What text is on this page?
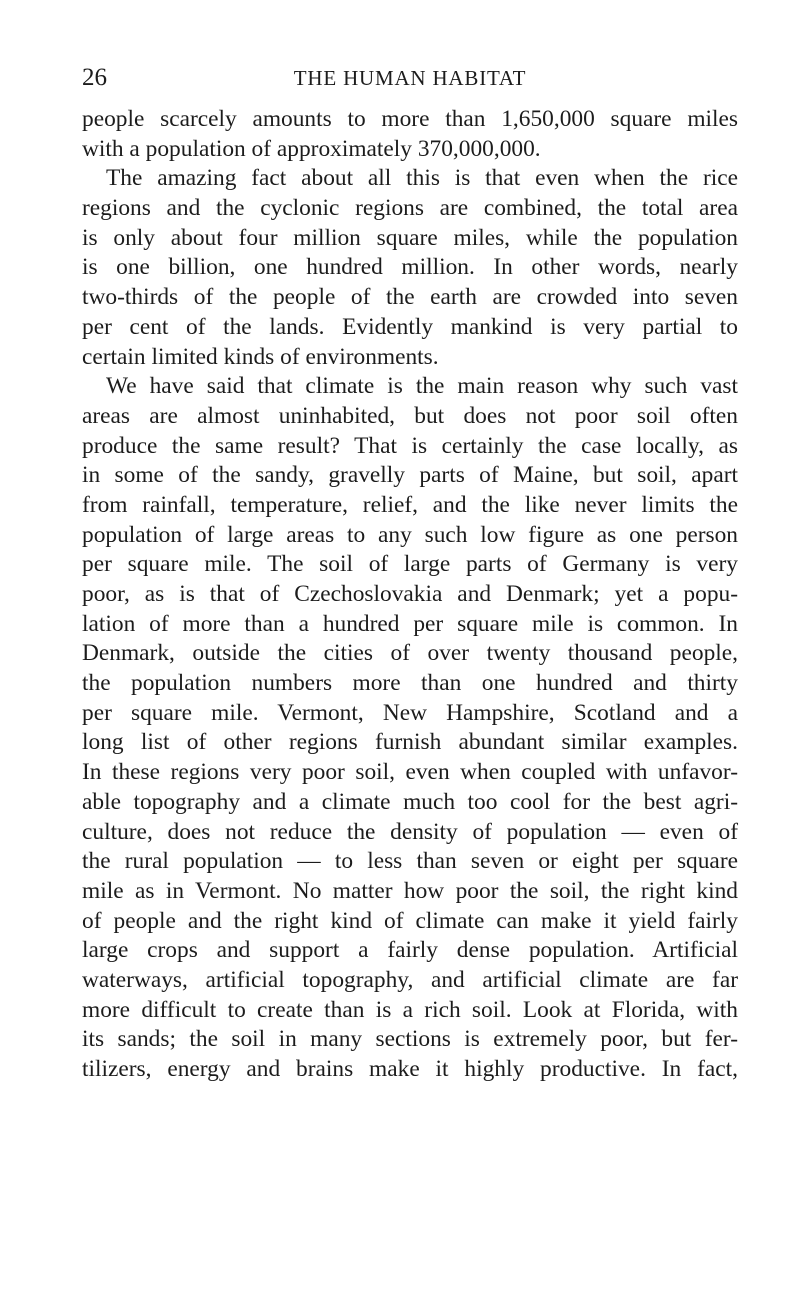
26	THE HUMAN HABITAT
people scarcely amounts to more than 1,650,000 square miles
with a population of approximately 370,000,000.
The amazing fact about all this is that even when the rice
regions and the cyclonic regions are combined, the total area
is only about four million square miles, while the population
is one billion, one hundred million. In other words, nearly
two-thirds of the people of the earth are crowded into seven
per cent of the lands. Evidently mankind is very partial to
certain limited kinds of environments.
We have said that climate is the main reason why such vast
areas are almost uninhabited, but does not poor soil often
produce the same result? That is certainly the case locally, as
in some of the sandy, gravelly parts of Maine, but soil, apart
from rainfall, temperature, relief, and the like never limits the
population of large areas to any such low figure as one person
per square mile. The soil of large parts of Germany is very
poor, as is that of Czechoslovakia and Denmark; yet a popu-
lation of more than a hundred per square mile is common. In
Denmark, outside the cities of over twenty thousand people,
the population numbers more than one hundred and thirty
per square mile. Vermont, New Hampshire, Scotland and a
long list of other regions furnish abundant similar examples.
In these regions very poor soil, even when coupled with unfavor-
able topography and a climate much too cool for the best agri-
culture, does not reduce the density of population — even of
the rural population — to less than seven or eight per square
mile as in Vermont. No matter how poor the soil, the right kind
of people and the right kind of climate can make it yield fairly
large crops and support a fairly dense population. Artificial
waterways, artificial topography, and artificial climate are far
more difficult to create than is a rich soil. Look at Florida, with
its sands; the soil in many sections is extremely poor, but fer-
tilizers, energy and brains make it highly productive. In fact,
